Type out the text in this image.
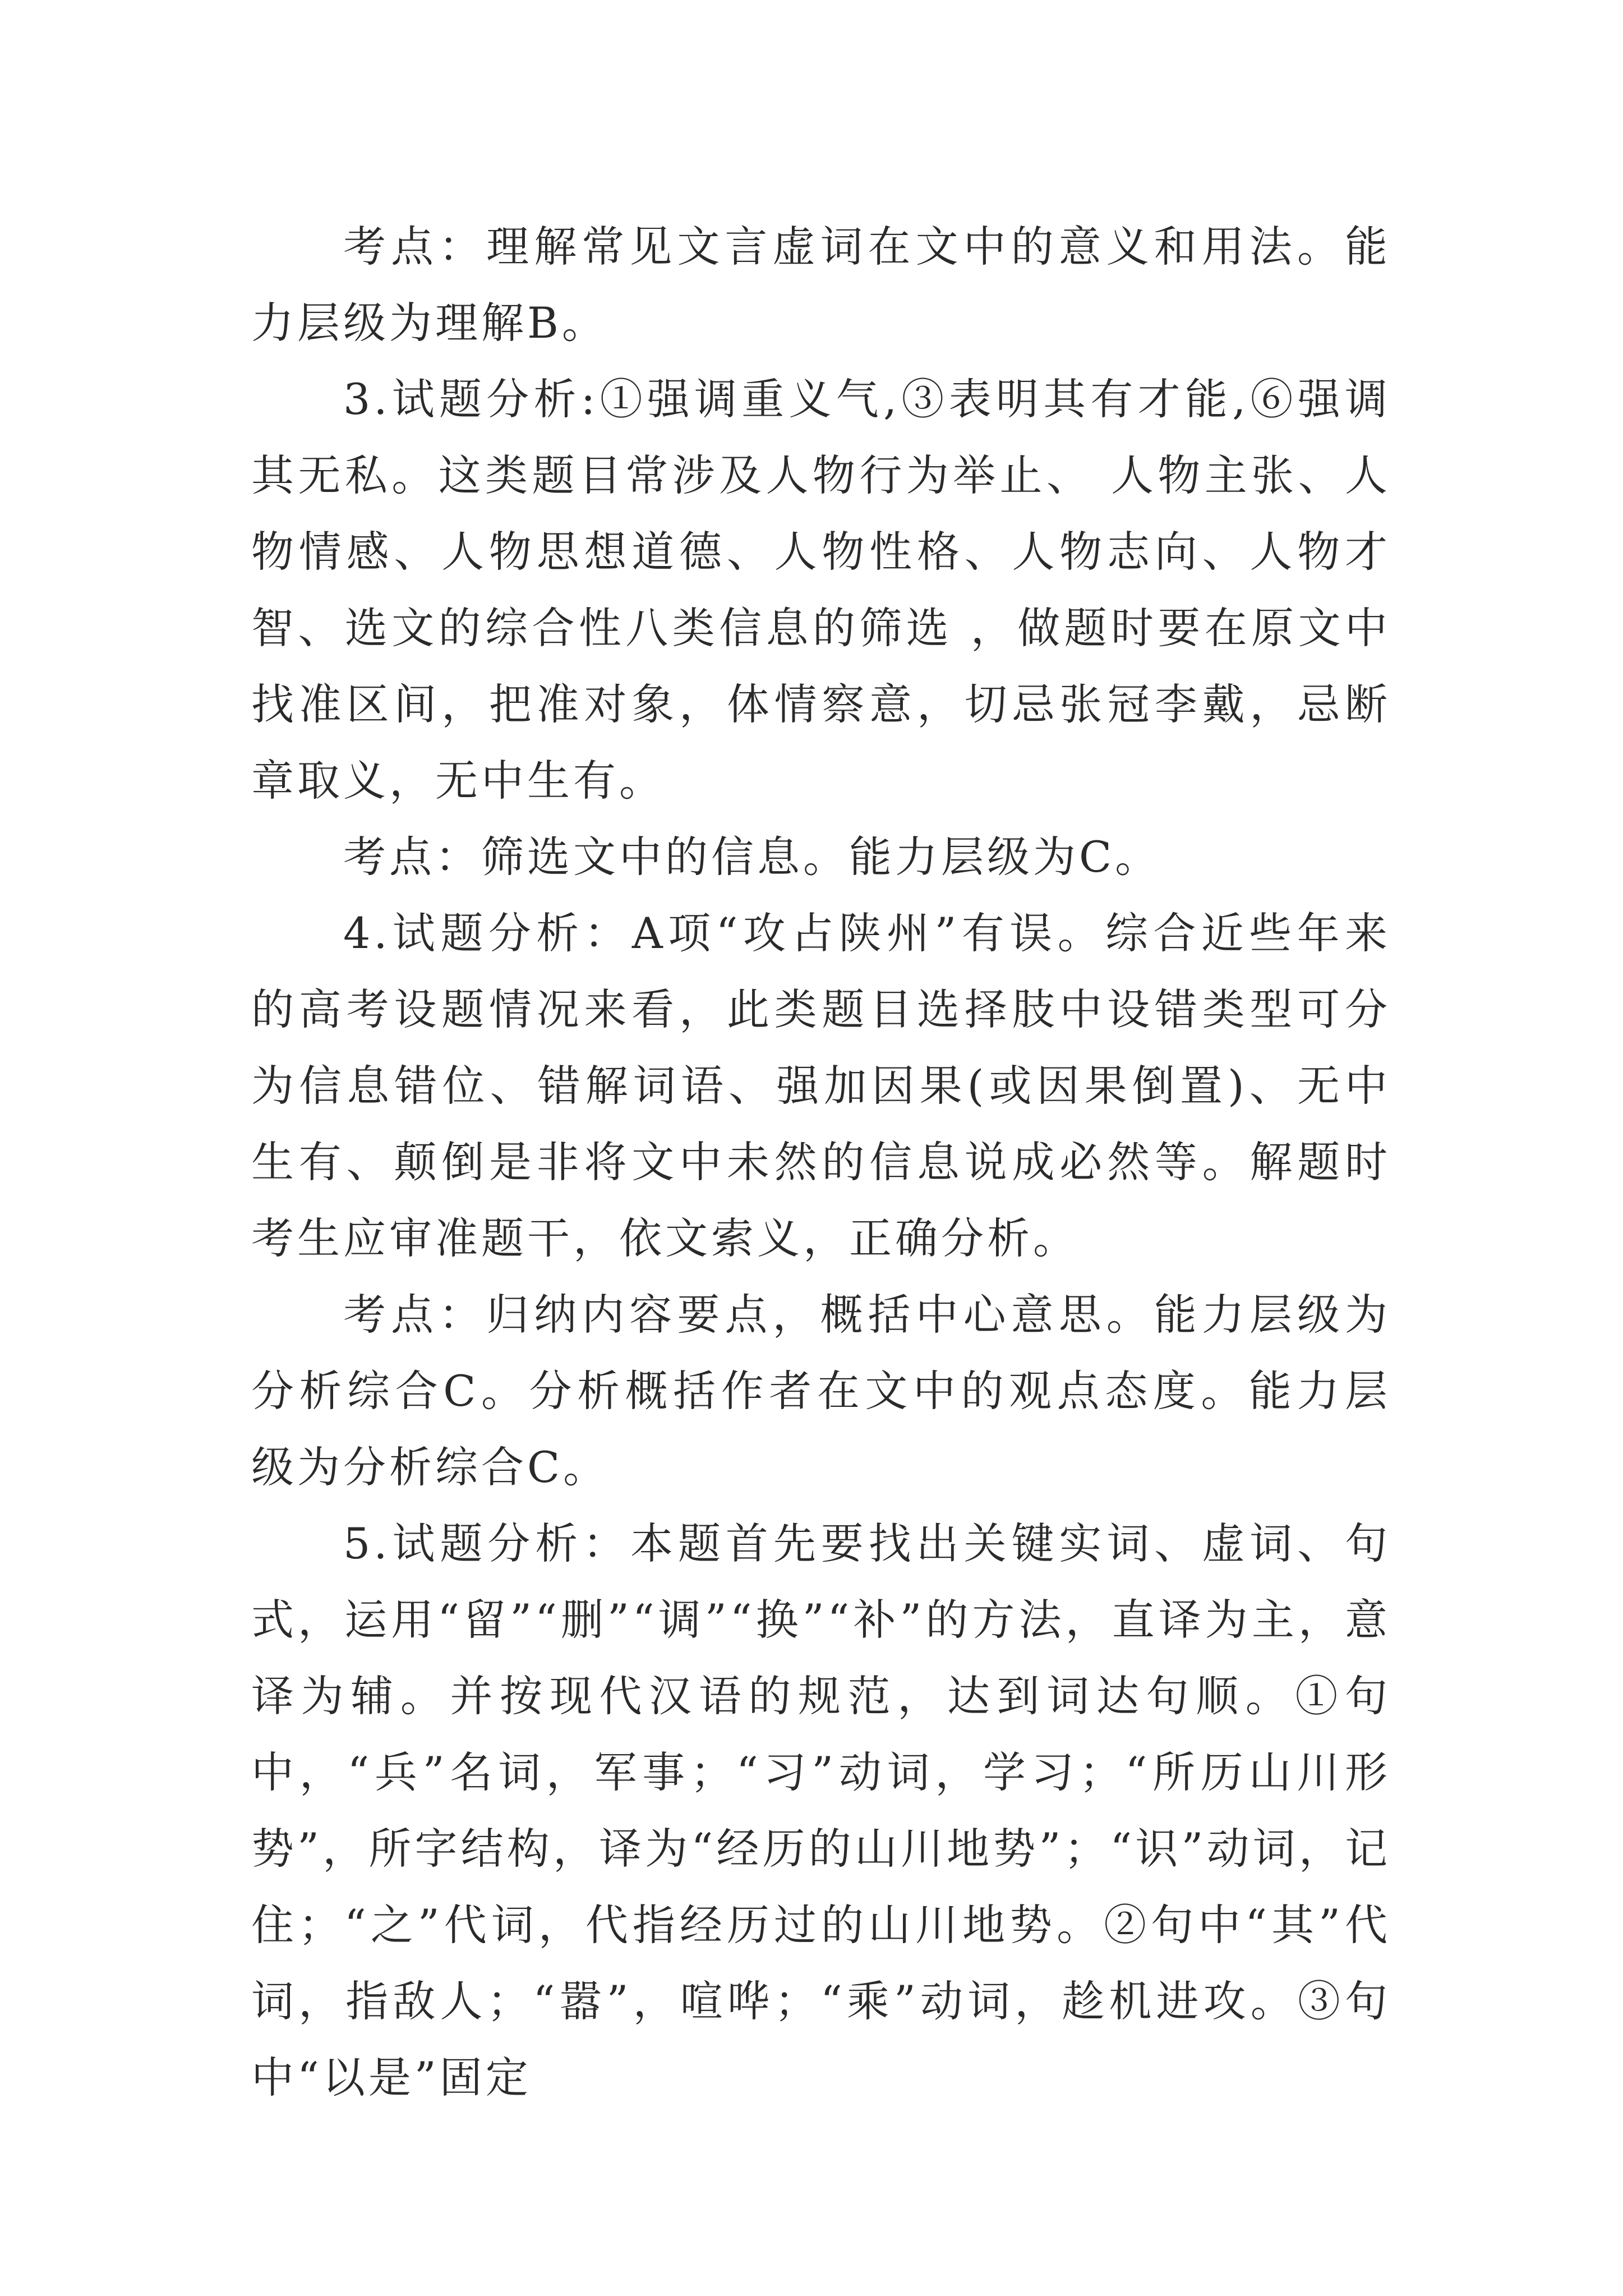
考点：理解常见文言虚词在文中的意义和用法。能力层级为理解B。

3.试题分析:①强调重义气,③表明其有才能,⑥强调其无私。这类题目常涉及人物行为举止、 人物主张、人物情感、人物思想道德、人物性格、人物志向、人物才智、选文的综合性八类信息的筛选 ，做题时要在原文中找准区间，把准对象，体情察意，切忌张冠李戴，忌断章取义，无中生有。

考点：筛选文中的信息。能力层级为C。

4.试题分析：A项“攻占陕州”有误。综合近些年来的高考设题情况来看，此类题目选择肢中设错类型可分为信息错位、错解词语、强加因果(或因果倒置)、无中生有、颠倒是非将文中未然的信息说成必然等。解题时考生应审准题干，依文索义，正确分析。

考点：归纳内容要点，概括中心意思。能力层级为分析综合C。分析概括作者在文中的观点态度。能力层级为分析综合C。

5.试题分析：本题首先要找出关键实词、虚词、句式，运用“留”“删”“调”“换”“补”的方法，直译为主，意译为辅。并按现代汉语的规范，达到词达句顺。①句中，“兵”名词，军事；“习”动词，学习；“所历山川形势”，所字结构，译为“经历的山川地势”；“识”动词，记住；“之”代词，代指经历过的山川地势。②句中“其”代词，指敌人；“嚣”，喧哗；“乘”动词，趁机进攻。③句中“以是”固定
